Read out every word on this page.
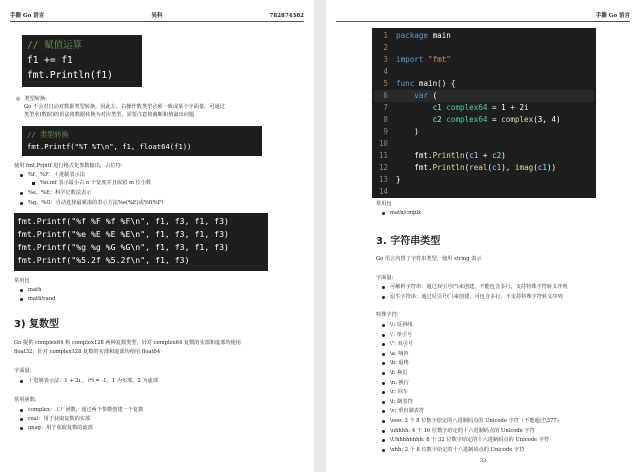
手撕 Go 语言	吴科	782874382
// 赋值运算
f1 += f1
fmt.Println(f1)
◎ 类型转换:
Go 不会对自动对数据类型转换，因此左、右操作数类型必须一致或某个字面量，可通过
类型名(数据)的语法将数据转换为对应类型。需要注意值截断和值溢出问题
// 类型转换
fmt.Printf("%T %T\n", f1, float64(f1))
使用 fmt.Printf 进行格式化参数输出，占位符：
%f、%F：十进制表示法
%n.mf 表示最小占 n 个宽度并且保留 m 位小数
%e、%E：科学记数法表示
%g、%G：自动选择最紧凑的表示方法%e(%E)或%f(%F)
fmt.Printf("%f %F %f %F\n", f1, f3, f1, f3)
fmt.Printf("%e %E %E %E\n", f1, f3, f1, f3)
fmt.Printf("%g %g %G %G\n", f1, f3, f1, f3)
fmt.Printf("%5.2f %5.2f\n", f1, f3)
常用包
math
math/rand
3) 复数型
Go 提供 complex64 和 complex128 两种复数类型，针对 complex64 复数的实部和虚部均使用
float32，针对 complex128 复数的实部和虚部均使用 float64
字面量:
十进制表示法：1 + 2i，，i*i = -1，1 为实部，2 为虚部
常用函数:
complex：工厂函数，通过两个参数创建一个复数
real：用于获取复数的实部
imag：用于获取复数的虚部
手撕 Go 语言
1 package main
2
3 import "fmt"
4
5 func main() {
6	var (
7	c1 complex64 = 1 + 2i
8	c2 complex64 = complex(3, 4)
9    )
10
11    fmt.Println(c1 + c2)
12    fmt.Println(real(c1), imag(c1))
13 }
14
常用包
math/cmplx
3. 字符串类型
Go 语言内置了字符串类型，使用 string 表示
字面量:
可解析字符串：通过双引号(")来创建，不能包含多行，支持特殊字符转义序列
原生字符串：通过反引号(`)来创建，可包含多行，不支持特殊字符转义序列
特殊字符:
\\: 反斜线
\': 单引号
\": 双引号
\a: 响铃
\b: 退格
\f: 换页
\n: 换行
\r: 回车
\t: 制表符
\v: 垂直制表符
\ooo: 3 个 8 位数字给定的八进制码点的 Unicode 字符（不能超过\377）
\uhhhh: 4 个 16 位数字给定的十六进制码点的 Unicode 字符
\Uhhhhhhhh: 8 个 32 位数字给定的十六进制码点的 Unicode 字符
\xhh: 2 个 8 位数字给定的十六进制码点的 Unicode 字符
33
